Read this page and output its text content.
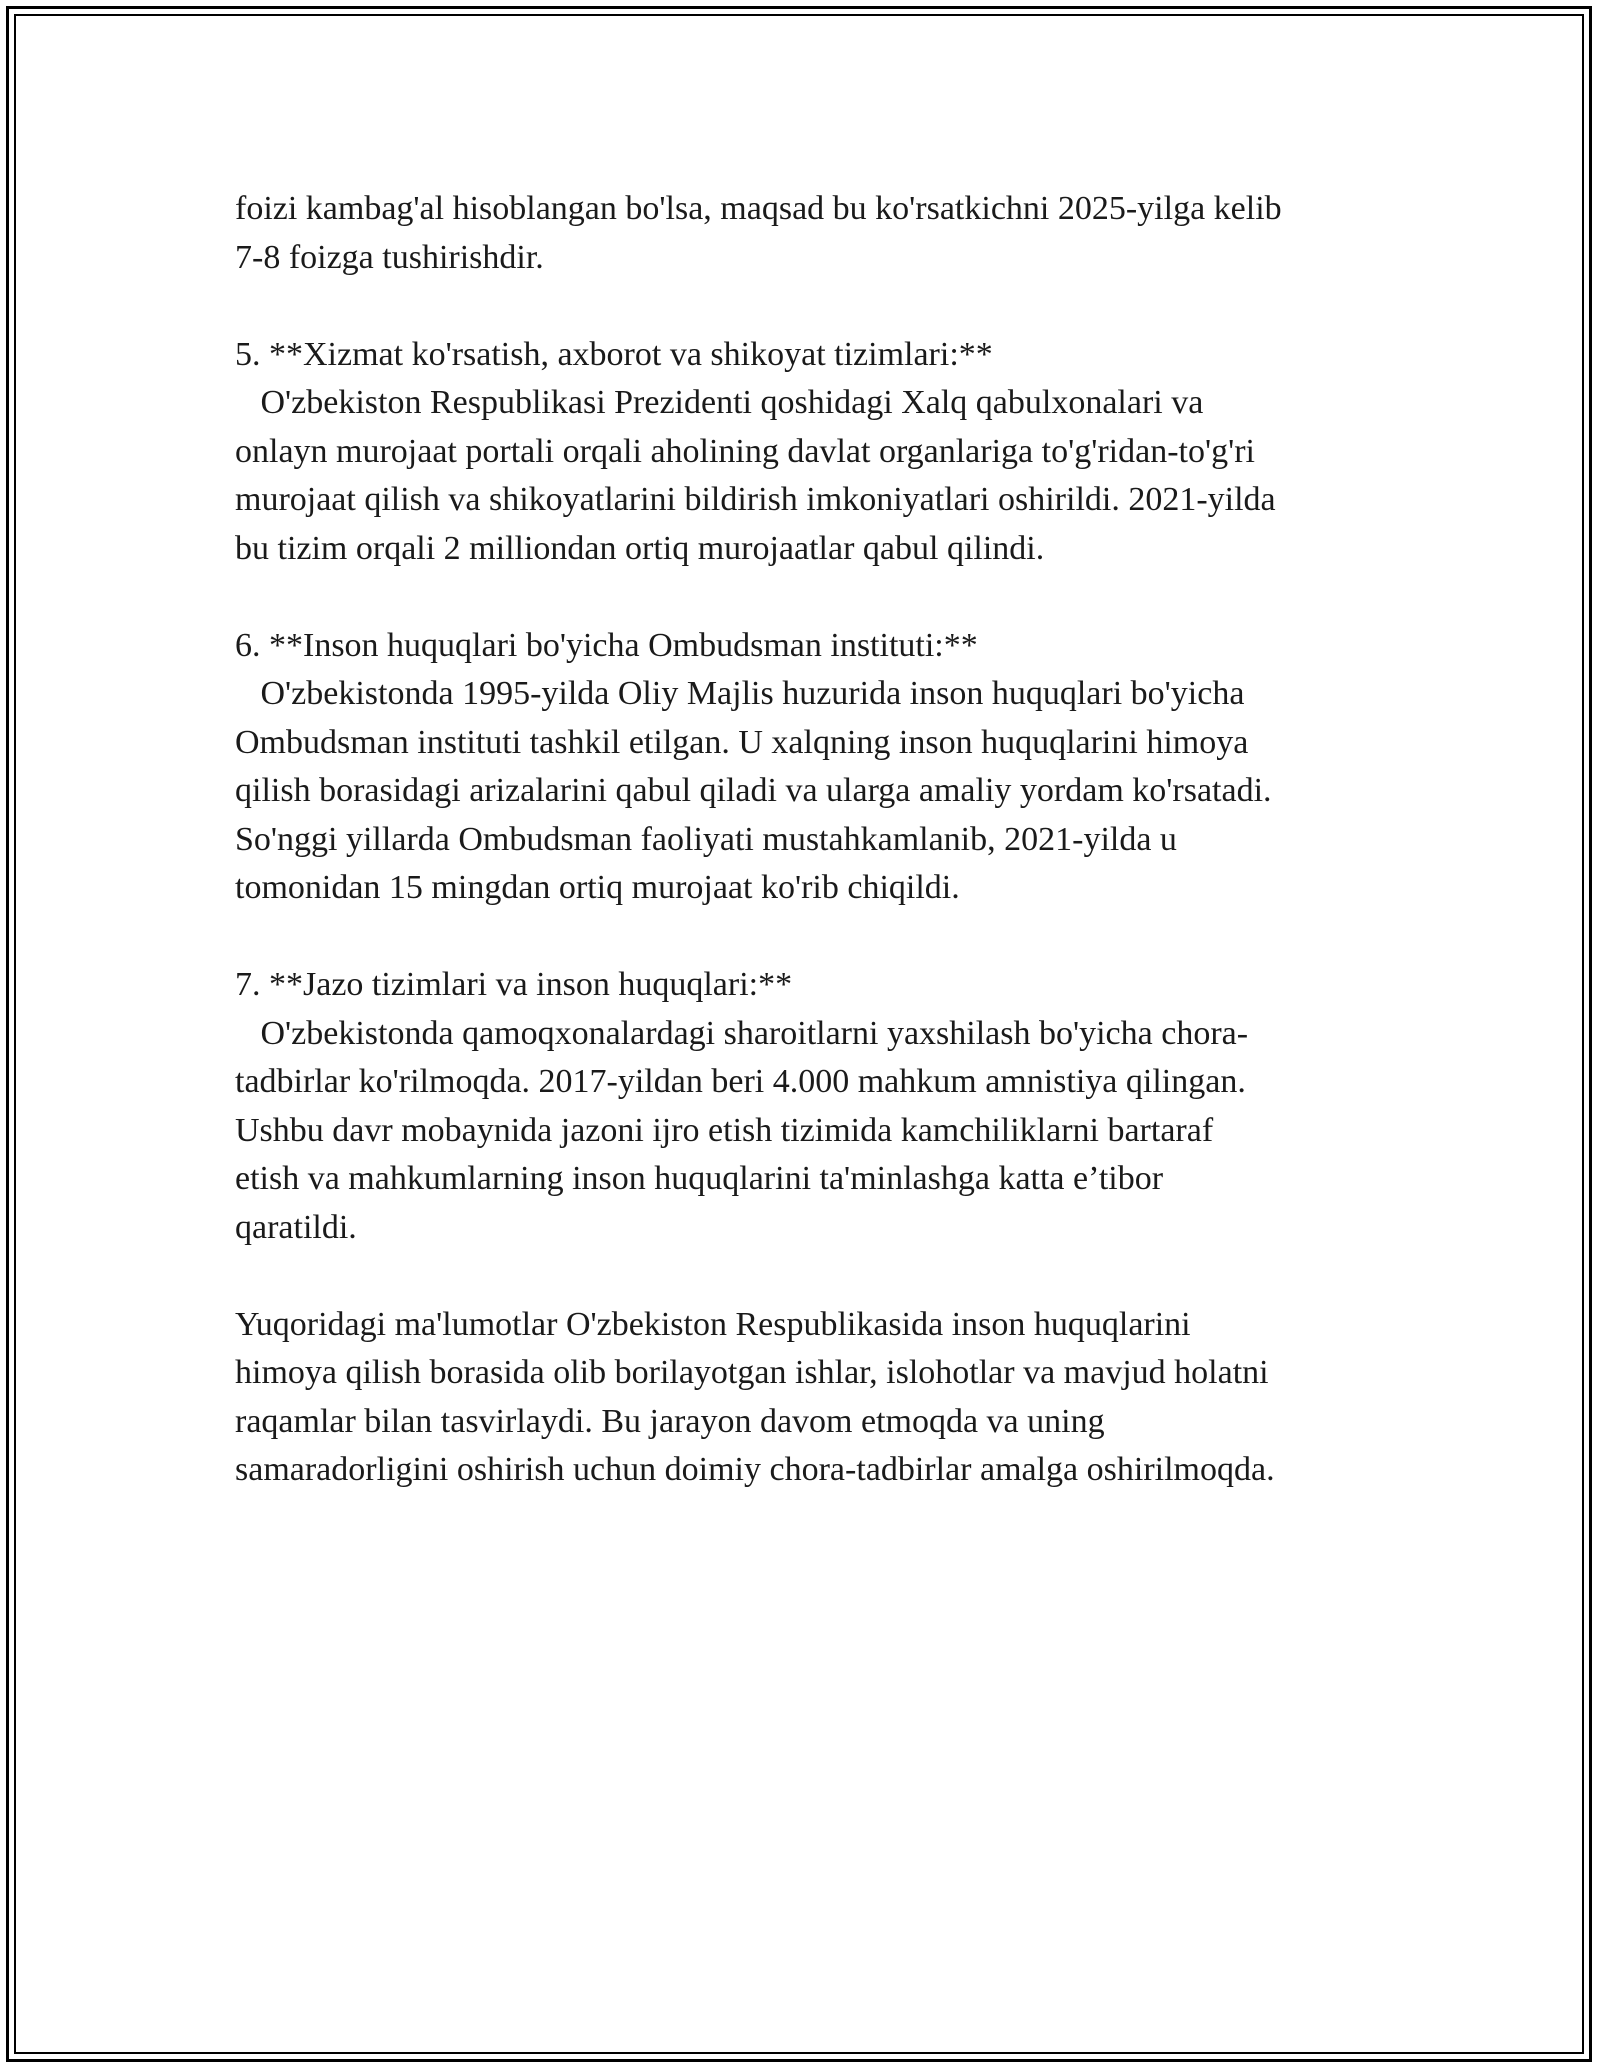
foizi kambag'al hisoblangan bo'lsa, maqsad bu ko'rsatkichni 2025-yilga kelib
7-8 foizga tushirishdir.
5. **Xizmat ko'rsatish, axborot va shikoyat tizimlari:**
O'zbekiston Respublikasi Prezidenti qoshidagi Xalq qabulxonalari va
onlayn murojaat portali orqali aholining davlat organlariga to'g'ridan-to'g'ri
murojaat qilish va shikoyatlarini bildirish imkoniyatlari oshirildi. 2021-yilda
bu tizim orqali 2 milliondan ortiq murojaatlar qabul qilindi.
6. **Inson huquqlari bo'yicha Ombudsman instituti:**
O'zbekistonda 1995-yilda Oliy Majlis huzurida inson huquqlari bo'yicha
Ombudsman instituti tashkil etilgan. U xalqning inson huquqlarini himoya
qilish borasidagi arizalarini qabul qiladi va ularga amaliy yordam ko'rsatadi.
So'nggi yillarda Ombudsman faoliyati mustahkamlanib, 2021-yilda u
tomonidan 15 mingdan ortiq murojaat ko'rib chiqildi.
7. **Jazo tizimlari va inson huquqlari:**
O'zbekistonda qamoqxonalardagi sharoitlarni yaxshilash bo'yicha chora-
tadbirlar ko'rilmoqda. 2017-yildan beri 4.000 mahkum amnistiya qilingan.
Ushbu davr mobaynida jazoni ijro etish tizimida kamchiliklarni bartaraf
etish va mahkumlarning inson huquqlarini ta'minlashga katta e’tibor
qaratildi.
Yuqoridagi ma'lumotlar O'zbekiston Respublikasida inson huquqlarini
himoya qilish borasida olib borilayotgan ishlar, islohotlar va mavjud holatni
raqamlar bilan tasvirlaydi. Bu jarayon davom etmoqda va uning
samaradorligini oshirish uchun doimiy chora-tadbirlar amalga oshirilmoqda.
